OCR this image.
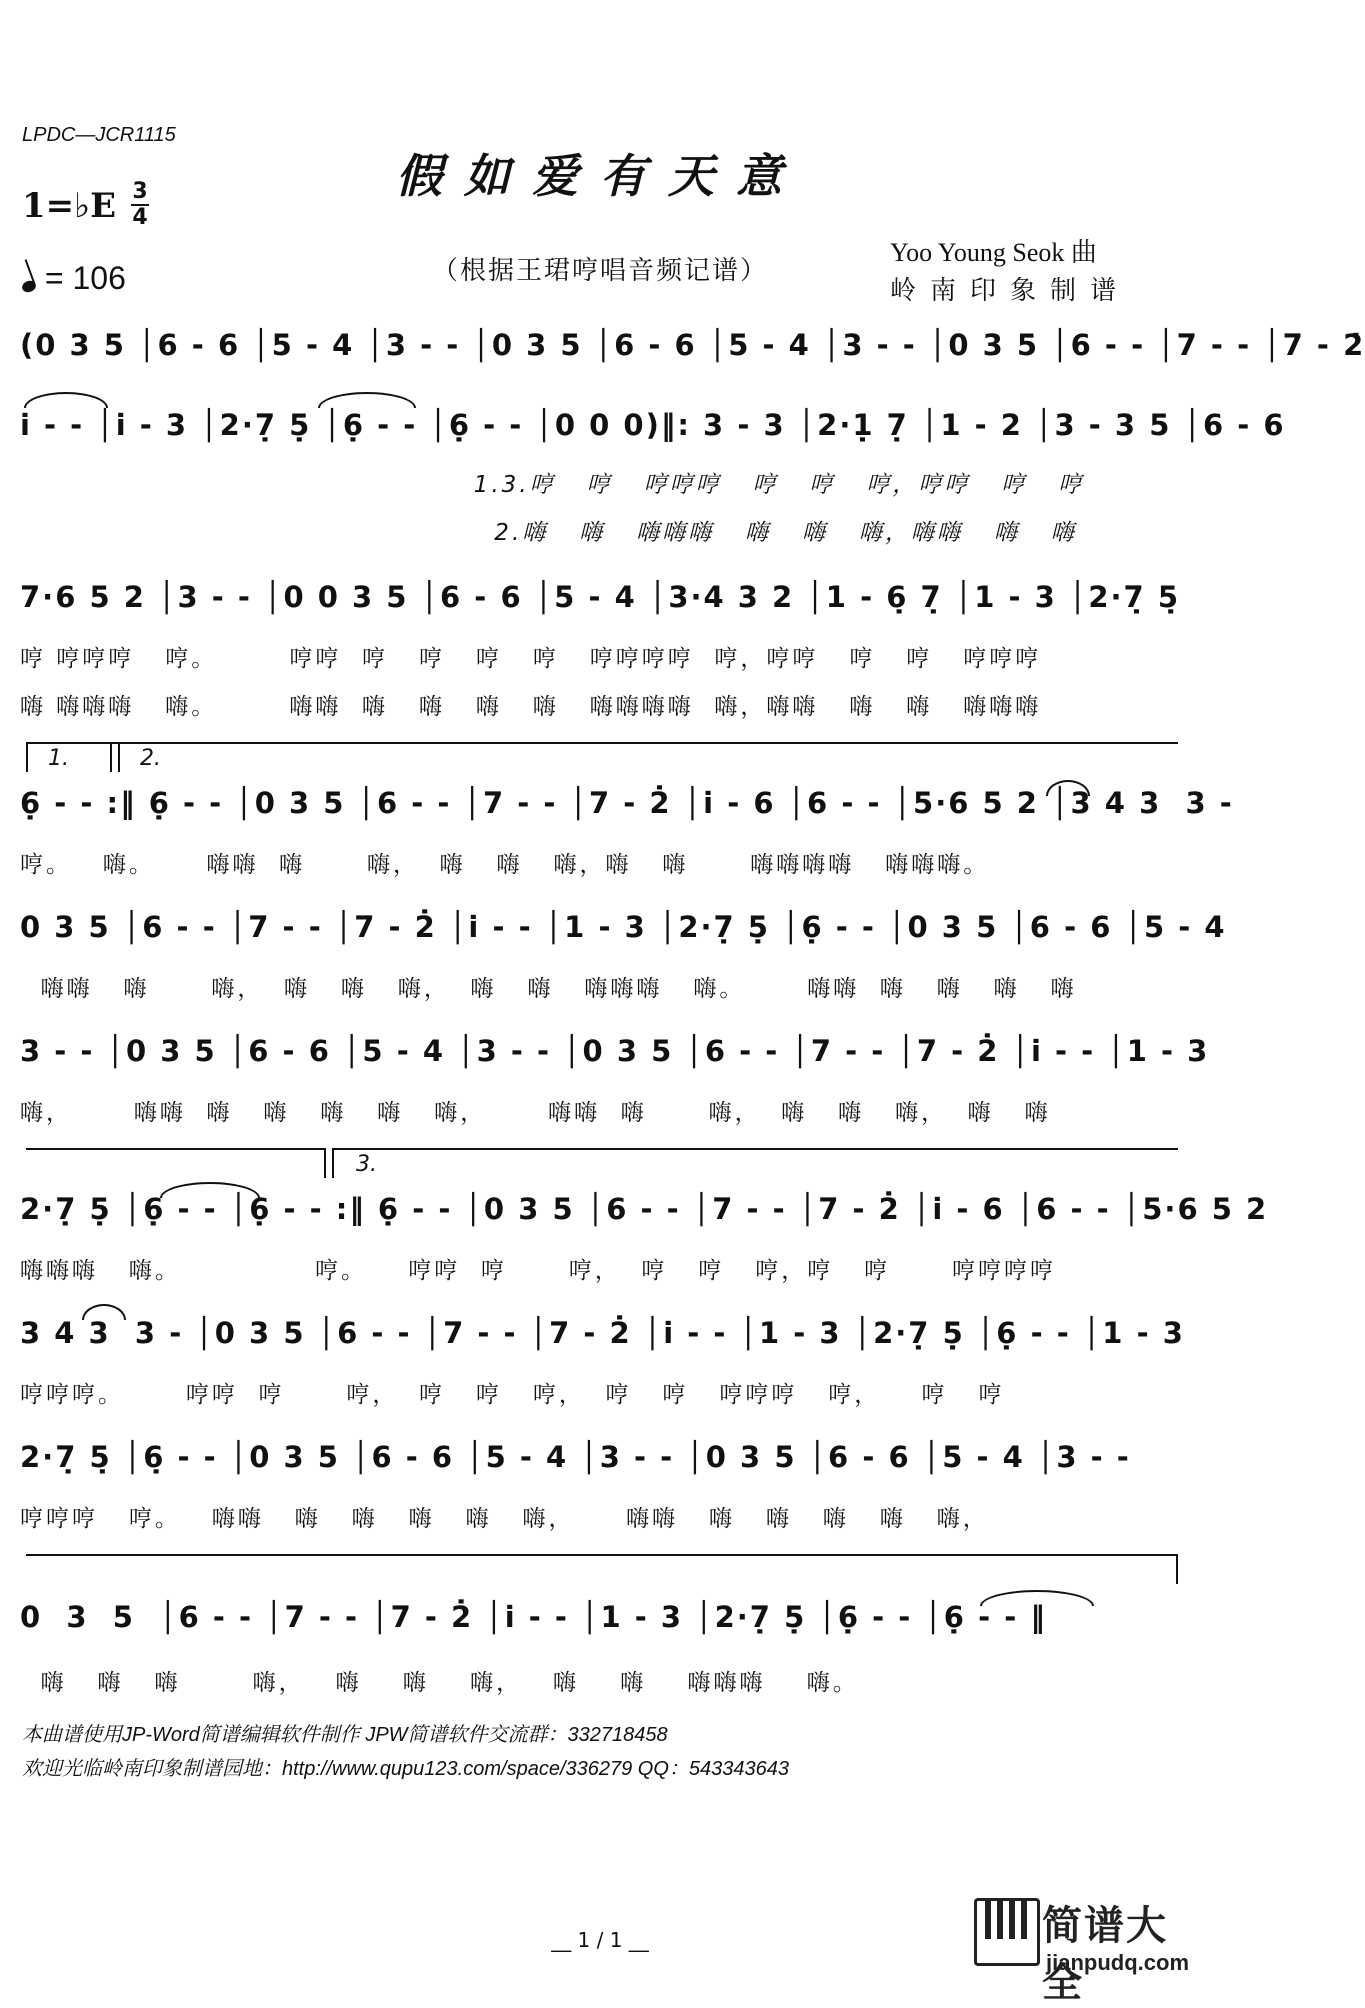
LPDC—JCR1115
假如爱有天意
1=♭E 3
4
= 106	（根据王珺哼唱音频记谱）
Yoo Young Seok 曲
岭南印象制谱
(0 3 5 │6 - 6 │5 - 4 │3 - - │0 3 5 │6 - 6 │5 - 4 │3 - - │0 3 5 │6 - - │7 - - │7 - 2̇
i̇ - - │i̇ - 3 │2·7̣ 5̣ │6̣ - - │6̣ - - │0 0 0)‖: 3 - 3 │2·1̣ 7̣ │1 - 2 │3 - 3 5 │6 - 6
1.3.哼   哼   哼哼哼   哼   哼   哼，哼哼   哼   哼
2.嗨   嗨   嗨嗨嗨   嗨   嗨   嗨，嗨嗨   嗨   嗨
7·6 5 2 │3 - - │0 0 3 5 │6 - 6 │5 - 4 │3·4 3 2 │1 - 6̣ 7̣ │1 - 3 │2·7̣ 5̣
哼 哼哼哼   哼。       哼哼  哼   哼   哼   哼   哼哼哼哼  哼，哼哼   哼   哼   哼哼哼
嗨 嗨嗨嗨   嗨。       嗨嗨  嗨   嗨   嗨   嗨   嗨嗨嗨嗨  嗨，嗨嗨   嗨   嗨   嗨嗨嗨
1.	2.
6̣ - - :‖ 6̣ - - │0 3 5 │6 - - │7 - - │7 - 2̇ │i̇ - 6 │6 - - │5·6 5 2 │3 4 3  3 -
哼。   嗨。     嗨嗨  嗨      嗨，  嗨   嗨   嗨，嗨   嗨      嗨嗨嗨嗨   嗨嗨嗨。
0 3 5 │6 - - │7 - - │7 - 2̇ │i̇ - - │1 - 3 │2·7̣ 5̣ │6̣ - - │0 3 5 │6 - 6 │5 - 4
嗨嗨   嗨      嗨，  嗨   嗨   嗨，  嗨   嗨   嗨嗨嗨   嗨。      嗨嗨  嗨   嗨   嗨   嗨
3 - - │0 3 5 │6 - 6 │5 - 4 │3 - - │0 3 5 │6 - - │7 - - │7 - 2̇ │i̇ - - │1 - 3
嗨，      嗨嗨  嗨   嗨   嗨   嗨   嗨，      嗨嗨  嗨      嗨，  嗨   嗨   嗨，  嗨   嗨
3.
2·7̣ 5̣ │6̣ - - │6̣ - - :‖ 6̣ - - │0 3 5 │6 - - │7 - - │7 - 2̇ │i̇ - 6 │6 - - │5·6 5 2
嗨嗨嗨   嗨。             哼。    哼哼  哼      哼，  哼   哼   哼，哼   哼      哼哼哼哼
3 4 3  3 - │0 3 5 │6 - - │7 - - │7 - 2̇ │i̇ - - │1 - 3 │2·7̣ 5̣ │6̣ - - │1 - 3
哼哼哼。      哼哼  哼      哼，  哼   哼   哼，  哼   哼   哼哼哼   哼，    哼   哼
2·7̣ 5̣ │6̣ - - │0 3 5 │6 - 6 │5 - 4 │3 - - │0 3 5 │6 - 6 │5 - 4 │3 - -
哼哼哼   哼。   嗨嗨   嗨   嗨   嗨   嗨   嗨，     嗨嗨   嗨   嗨   嗨   嗨   嗨，
0  3  5  │6 - - │7 - - │7 - 2̇ │i̇ - - │1 - 3 │2·7̣ 5̣ │6̣ - - │6̣ - - ‖
嗨   嗨   嗨       嗨，   嗨    嗨    嗨，   嗨    嗨    嗨嗨嗨    嗨。
本曲谱使用JP-Word简谱编辑软件制作 JPW简谱软件交流群：332718458
欢迎光临岭南印象制谱园地：http://www.qupu123.com/space/336279 QQ：543343643
__ 1 / 1 __	简谱大全
jianpudq.com
